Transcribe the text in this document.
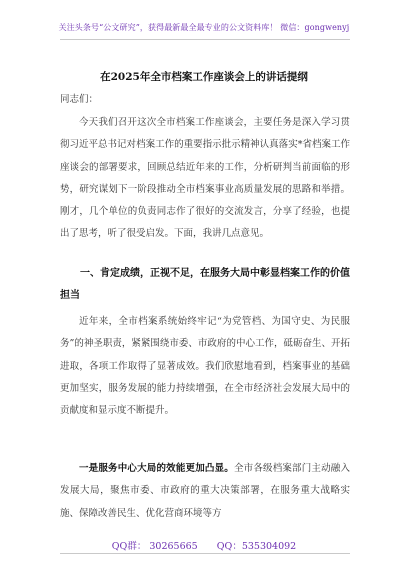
关注头条号“公文研究”，获得最新最全最专业的公文资料库！ 微信：gongwenyj
在2025年全市档案工作座谈会上的讲话提纲

同志们：

今天我们召开这次全市档案工作座谈会，主要任务是深入学习贯彻习近平总书记对档案工作的重要指示批示精神认真落实*省档案工作座谈会的部署要求，回顾总结近年来的工作，分析研判当前面临的形势，研究谋划下一阶段推动全市档案事业高质量发展的思路和举措。刚才，几个单位的负责同志作了很好的交流发言，分享了经验，也提出了思考，听了很受启发。下面，我讲几点意见。

一、肯定成绩，正视不足，在服务大局中彰显档案工作的价值担当

近年来，全市档案系统始终牢记“为党管档、为国守史、为民服务”的神圣职责，紧紧围绕市委、市政府的中心工作，砥砺奋生、开拓进取，各项工作取得了显著成效。我们欣慰地看到，档案事业的基础更加坚实，服务发展的能力持续增强，在全市经济社会发展大局中的贡献度和显示度不断提升。

一是服务中心大局的效能更加凸显。全市各级档案部门主动融入发展大局，聚焦市委、市政府的重大决策部署，在服务重大战略实施、保障改善民生、优化营商环境等方

QQ群： 30265665 QQ：535304092
